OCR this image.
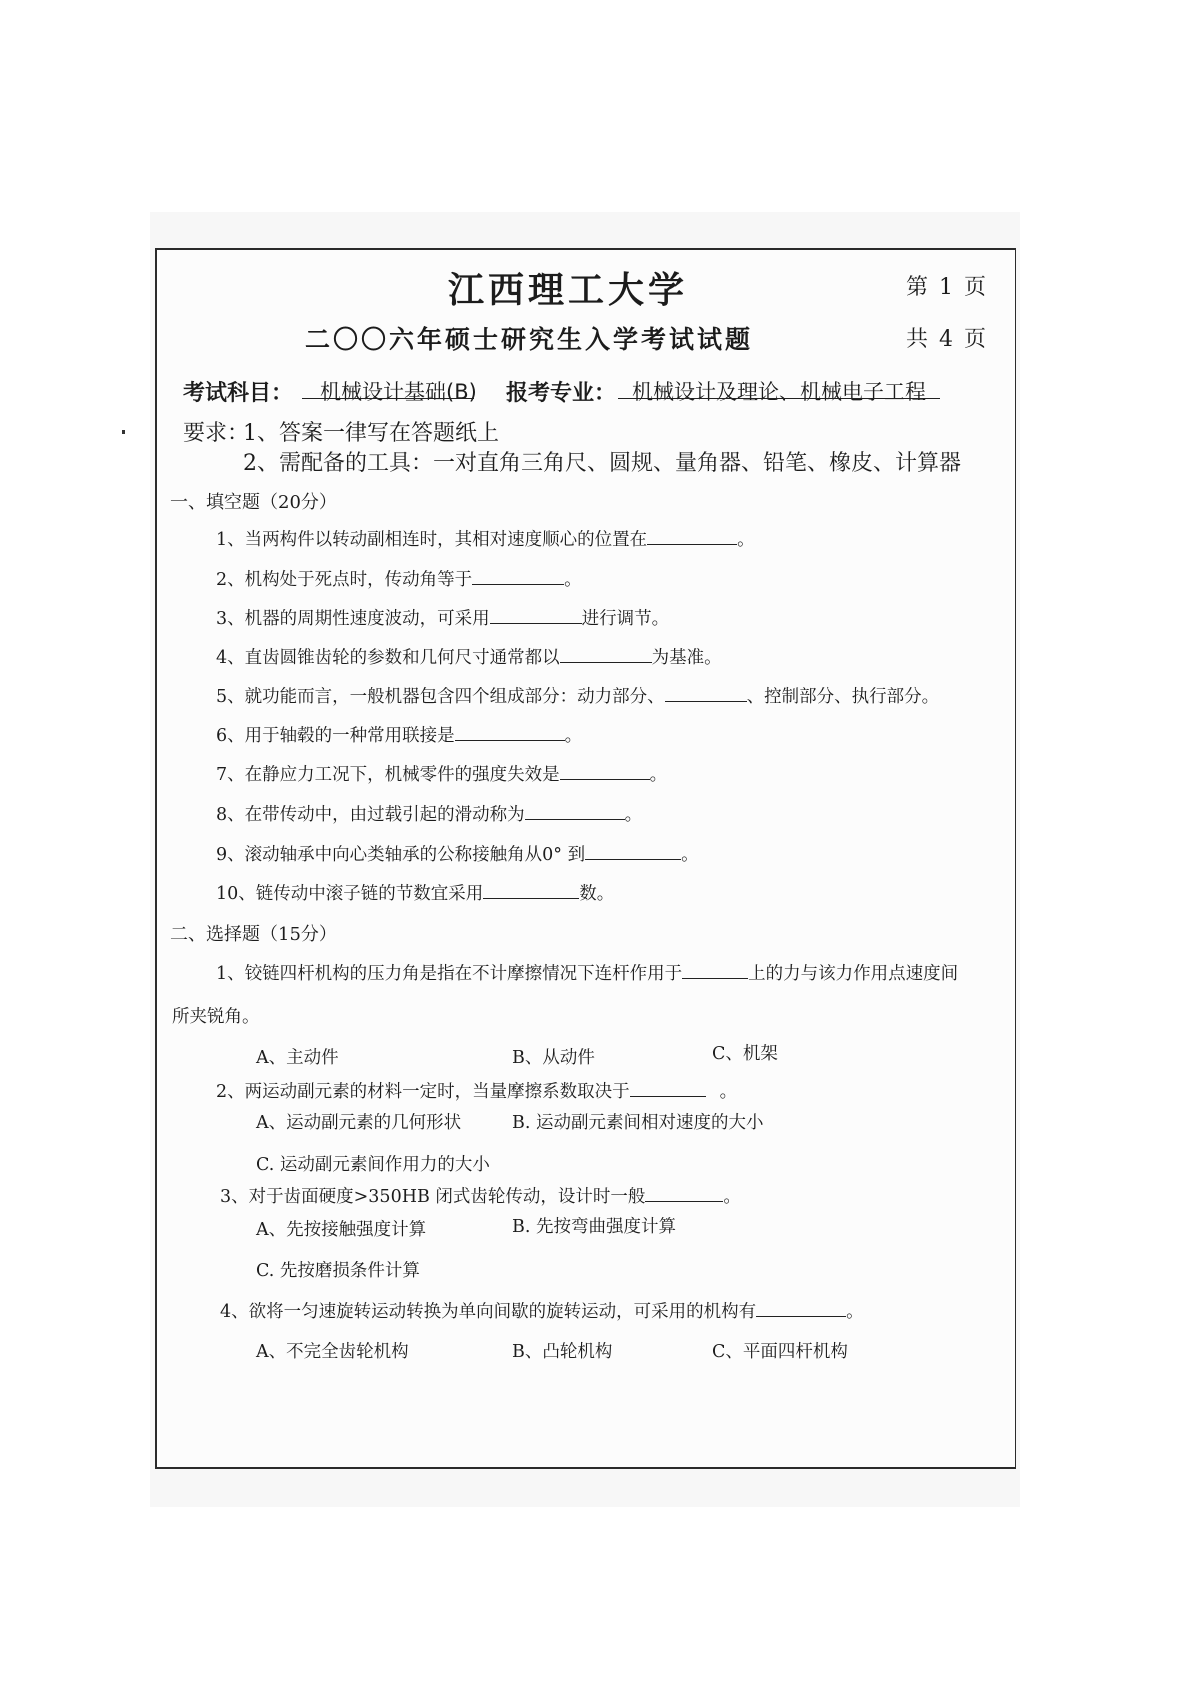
江西理工大学	第 1 页
二〇〇六年硕士研究生入学考试试题	共 4 页
考试科目： 机械设计基础(B) 报考专业： 机械设计及理论、机械电子工程
要求：
1、答案一律写在答题纸上
2、需配备的工具：一对直角三角尺、圆规、量角器、铅笔、橡皮、计算器
一、填空题（20分）
1、当两构件以转动副相连时，其相对速度顺心的位置在	。
2、机构处于死点时，传动角等于	。
3、机器的周期性速度波动，可采用	进行调节。
4、直齿圆锥齿轮的参数和几何尺寸通常都以	为基准。
5、就功能而言，一般机器包含四个组成部分：动力部分、	、控制部分、执行部分。
6、用于轴毂的一种常用联接是	。
7、在静应力工况下，机械零件的强度失效是	。
8、在带传动中，由过载引起的滑动称为	。
9、滚动轴承中向心类轴承的公称接触角从0° 到	。
10、链传动中滚子链的节数宜采用	数。
二、选择题（15分）
1、铰链四杆机构的压力角是指在不计摩擦情况下连杆作用于	上的力与该力作用点速度间
所夹锐角。
A、主动件	B、从动件	C、机架
2、两运动副元素的材料一定时，当量摩擦系数取决于	。
A、运动副元素的几何形状	B. 运动副元素间相对速度的大小
C. 运动副元素间作用力的大小
3、对于齿面硬度>350HB 闭式齿轮传动，设计时一般	。
A、先按接触强度计算	B. 先按弯曲强度计算
C. 先按磨损条件计算
4、欲将一匀速旋转运动转换为单向间歇的旋转运动，可采用的机构有	。
A、不完全齿轮机构	B、凸轮机构	C、平面四杆机构
